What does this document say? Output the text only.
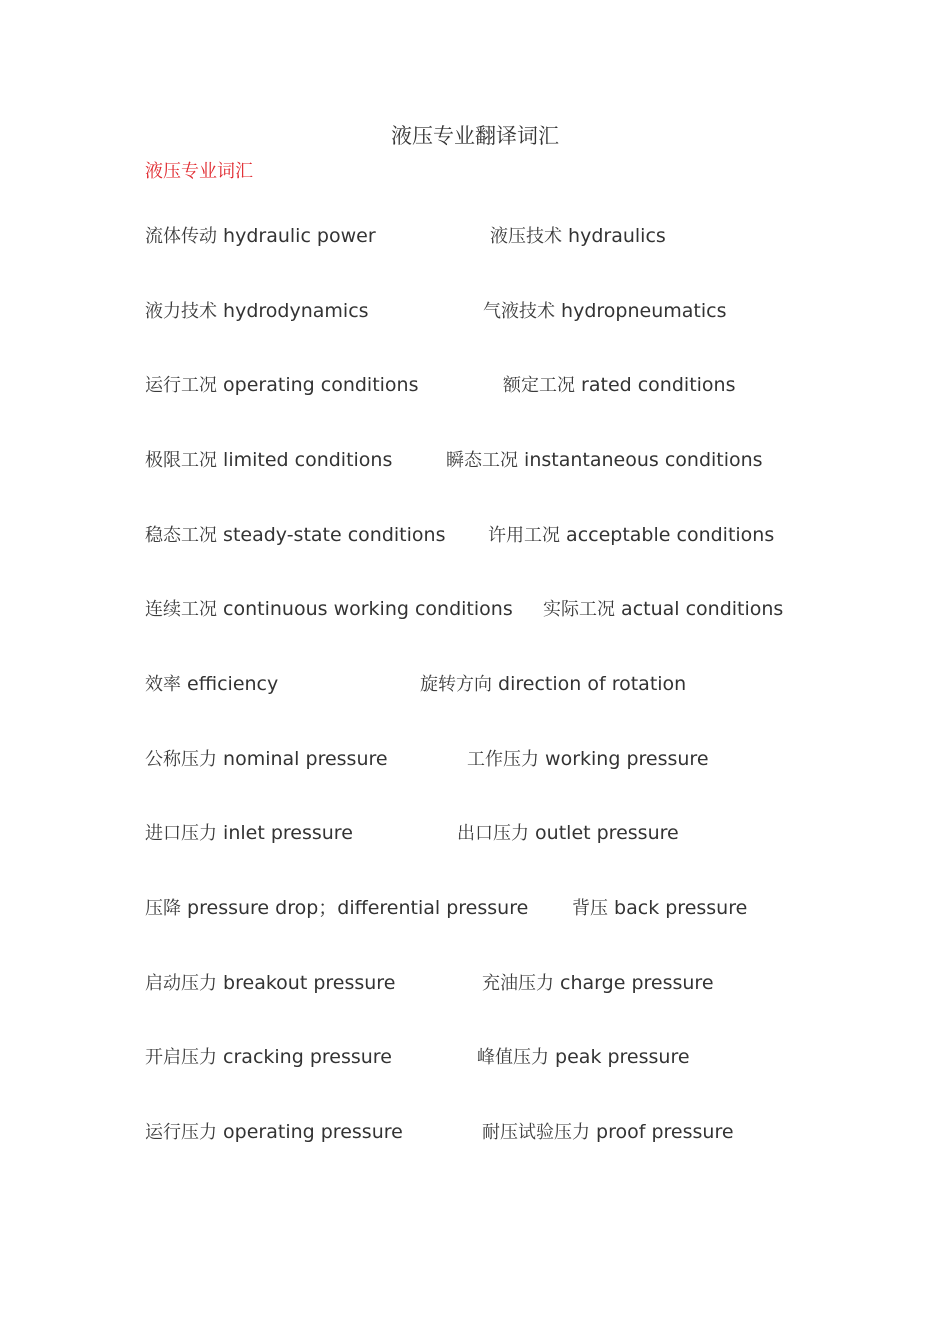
液压专业翻译词汇
液压专业词汇
流体传动 hydraulic power	液压技术 hydraulics
液力技术 hydrodynamics	气液技术 hydropneumatics
运行工况 operating conditions	额定工况 rated conditions
极限工况 limited conditions	瞬态工况 instantaneous conditions
稳态工况 steady-state conditions 许用工况 acceptable conditions
连续工况 continuous working conditions 实际工况 actual conditions
效率 efficiency	旋转方向 direction of rotation
公称压力 nominal pressure	工作压力 working pressure
进口压力 inlet pressure	出口压力 outlet pressure
压降 pressure drop；differential pressure 背压 back pressure
启动压力 breakout pressure	充油压力 charge pressure
开启压力 cracking pressure	峰值压力 peak pressure
运行压力 operating pressure	耐压试验压力 proof pressure
